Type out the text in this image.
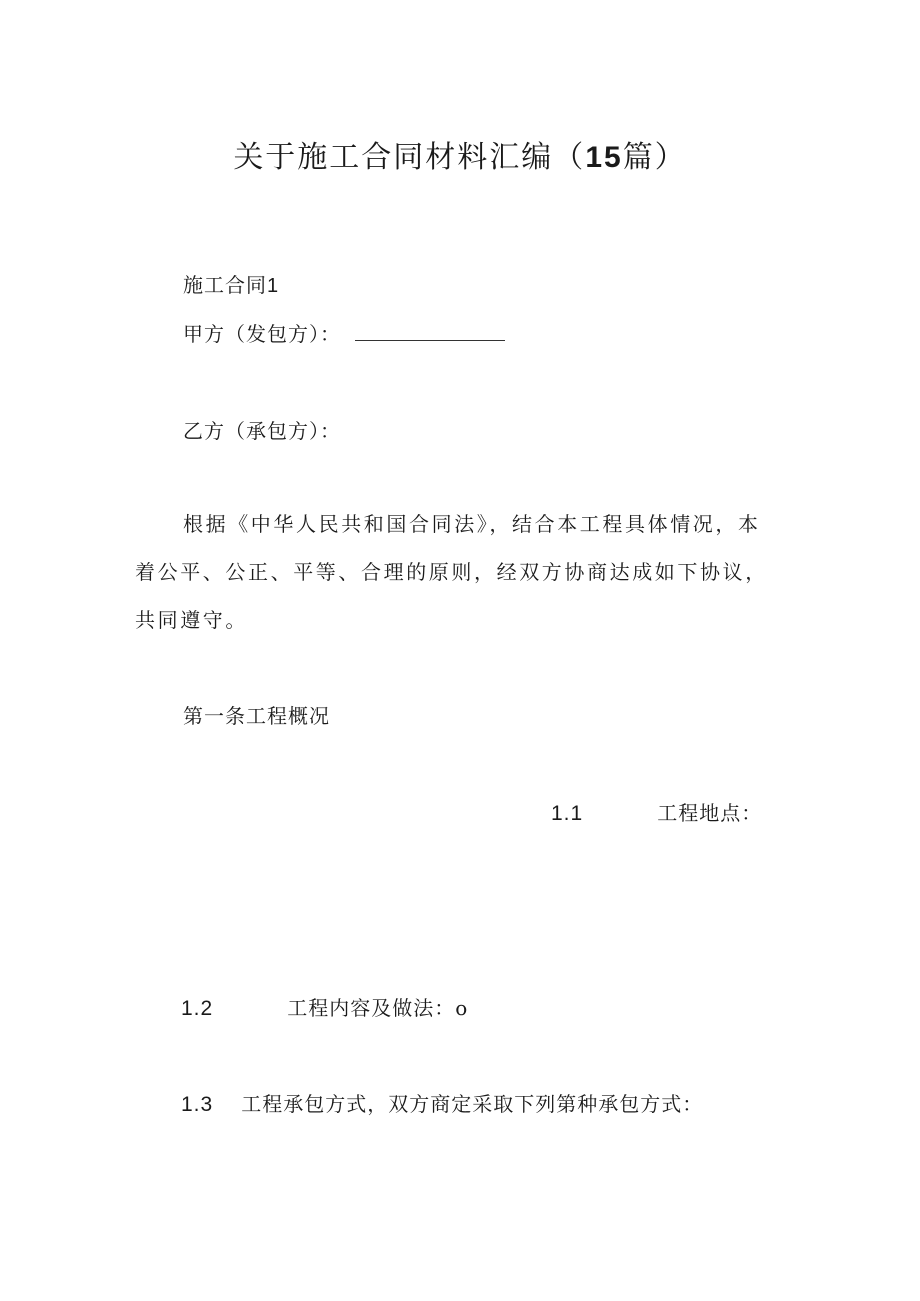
关于施工合同材料汇编（15篇）
施工合同1
甲方（发包方）：
乙方（承包方）：
根据《中华人民共和国合同法》，结合本工程具体情况，本
着公平、公正、平等、合理的原则，经双方协商达成如下协议，
共同遵守。
第一条工程概况
1.1	工程地点：
1.2	工程内容及做法：o
1.3 工程承包方式，双方商定采取下列第种承包方式：
